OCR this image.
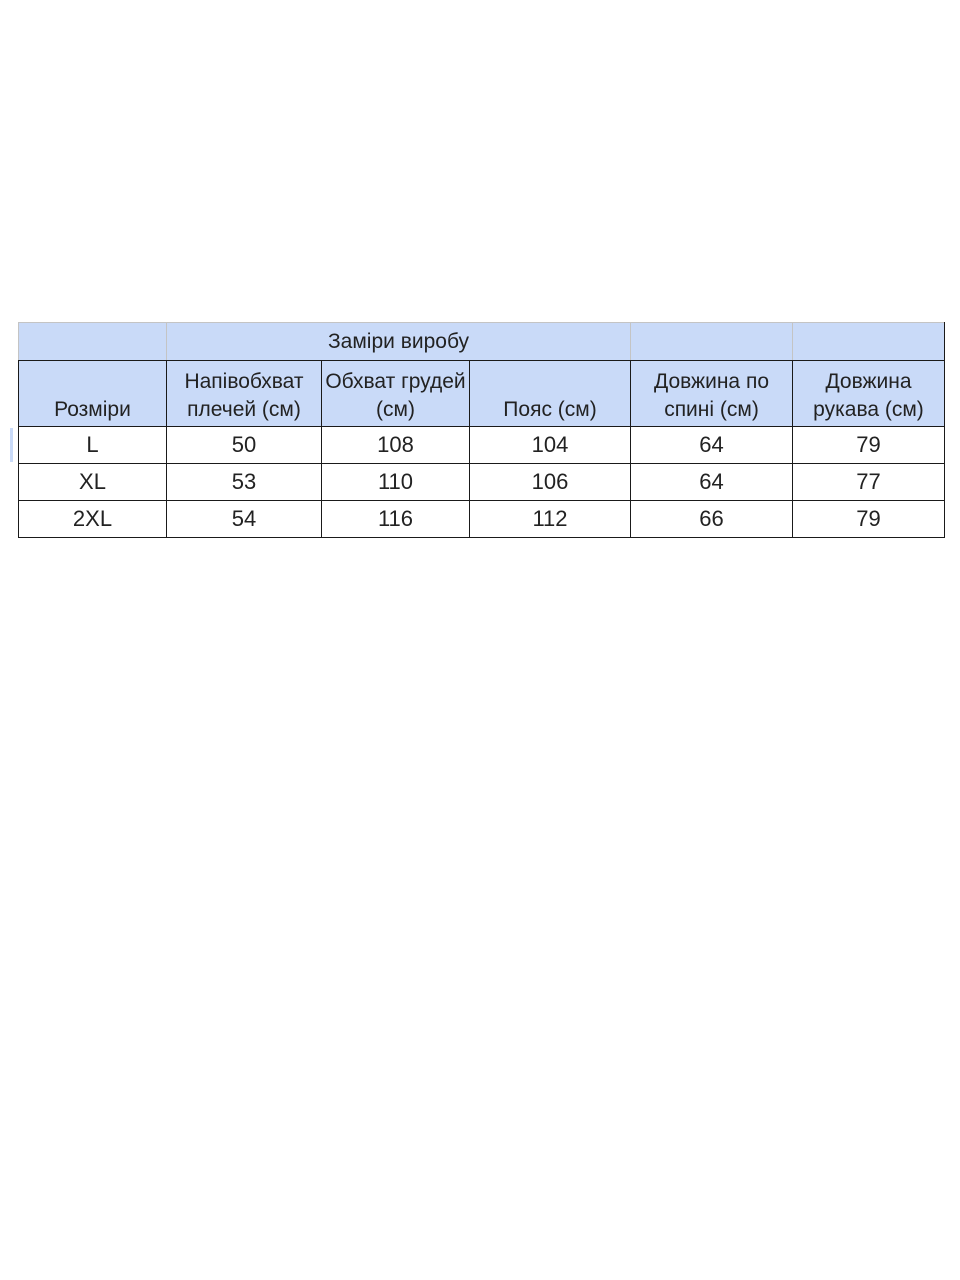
	Заміри виробу				
Розміри	Напівобхват плечей (см)	Обхват грудей (см)	Пояс (см)	Довжина по спині (см)	Довжина рукава (см)
L	50	108	104	64	79
XL	53	110	106	64	77
2XL	54	116	112	66	79
